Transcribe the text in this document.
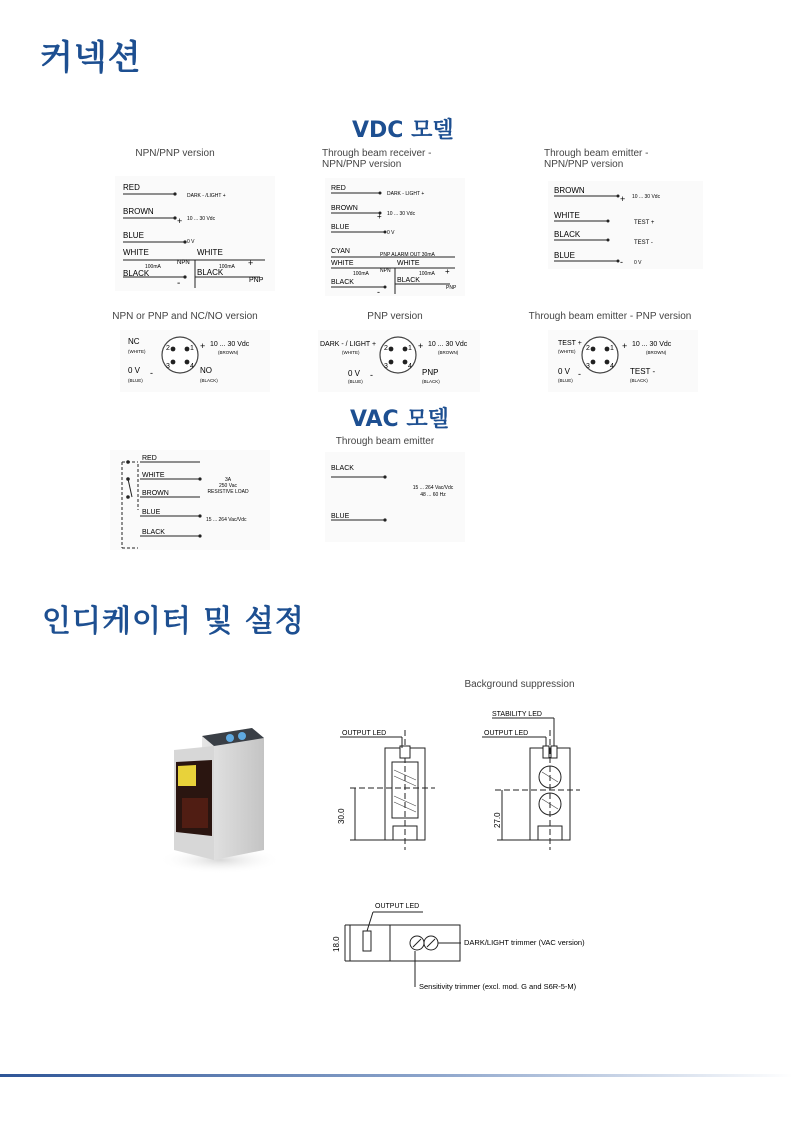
커넥션
VDC 모델
VAC 모델
인디케이터 및 설정
NPN/PNP version	Through beam receiver -
NPN/PNP version
Through beam emitter -
NPN/PNP version
NPN or PNP and NC/NO version	PNP version	Through beam emitter - PNP version
Through beam emitter
Background suppression
RED
DARK - /LIGHT +
BROWN
+ 10 ... 30 Vdc
BLUE
0 V
WHITE	WHITE
100mA
NPN
100mA +
BLACK	BLACK
-	PNP
RED
DARK - LIGHT +
BROWN
+ 10 ... 30 Vdc
BLUE
0 V
CYAN	PNP ALARM OUT 30mA
WHITE	WHITE
100mA NPN	100mA +
BLACK	BLACK
-	PNP
BROWN
+ 10 ... 30 Vdc
WHITE
TEST +
BLACK
TEST -
BLUE
- 0 V
2	1
3	4
NC
(WHITE)
+ 10 ... 30 Vdc
(BROWN)
0 V -
(BLUE)
NO
(BLACK)
2	1
3	4
DARK - / LIGHT +
(WHITE)
+ 10 ... 30 Vdc
(BROWN)
0 V -
(BLUE)
PNP
(BLACK)
2	1
3	4
TEST +
(WHITE)
+ 10 ... 30 Vdc
(BROWN)
0 V -
(BLUE)
TEST -
(BLACK)
RED
WHITE
BROWN
BLUE
BLACK
3A
250 Vac
RESISTIVE LOAD
15 ... 264 Vac/Vdc
BLACK
BLUE
15 ... 264 Vac/Vdc
48 ... 60 Hz
OUTPUT LED	OUTPUT LED
STABILITY LED
30.0	27.0
OUTPUT LED
18.0	DARK/LIGHT trimmer (VAC version)
Sensitivity trimmer (excl. mod. G and S6R-5-M)
